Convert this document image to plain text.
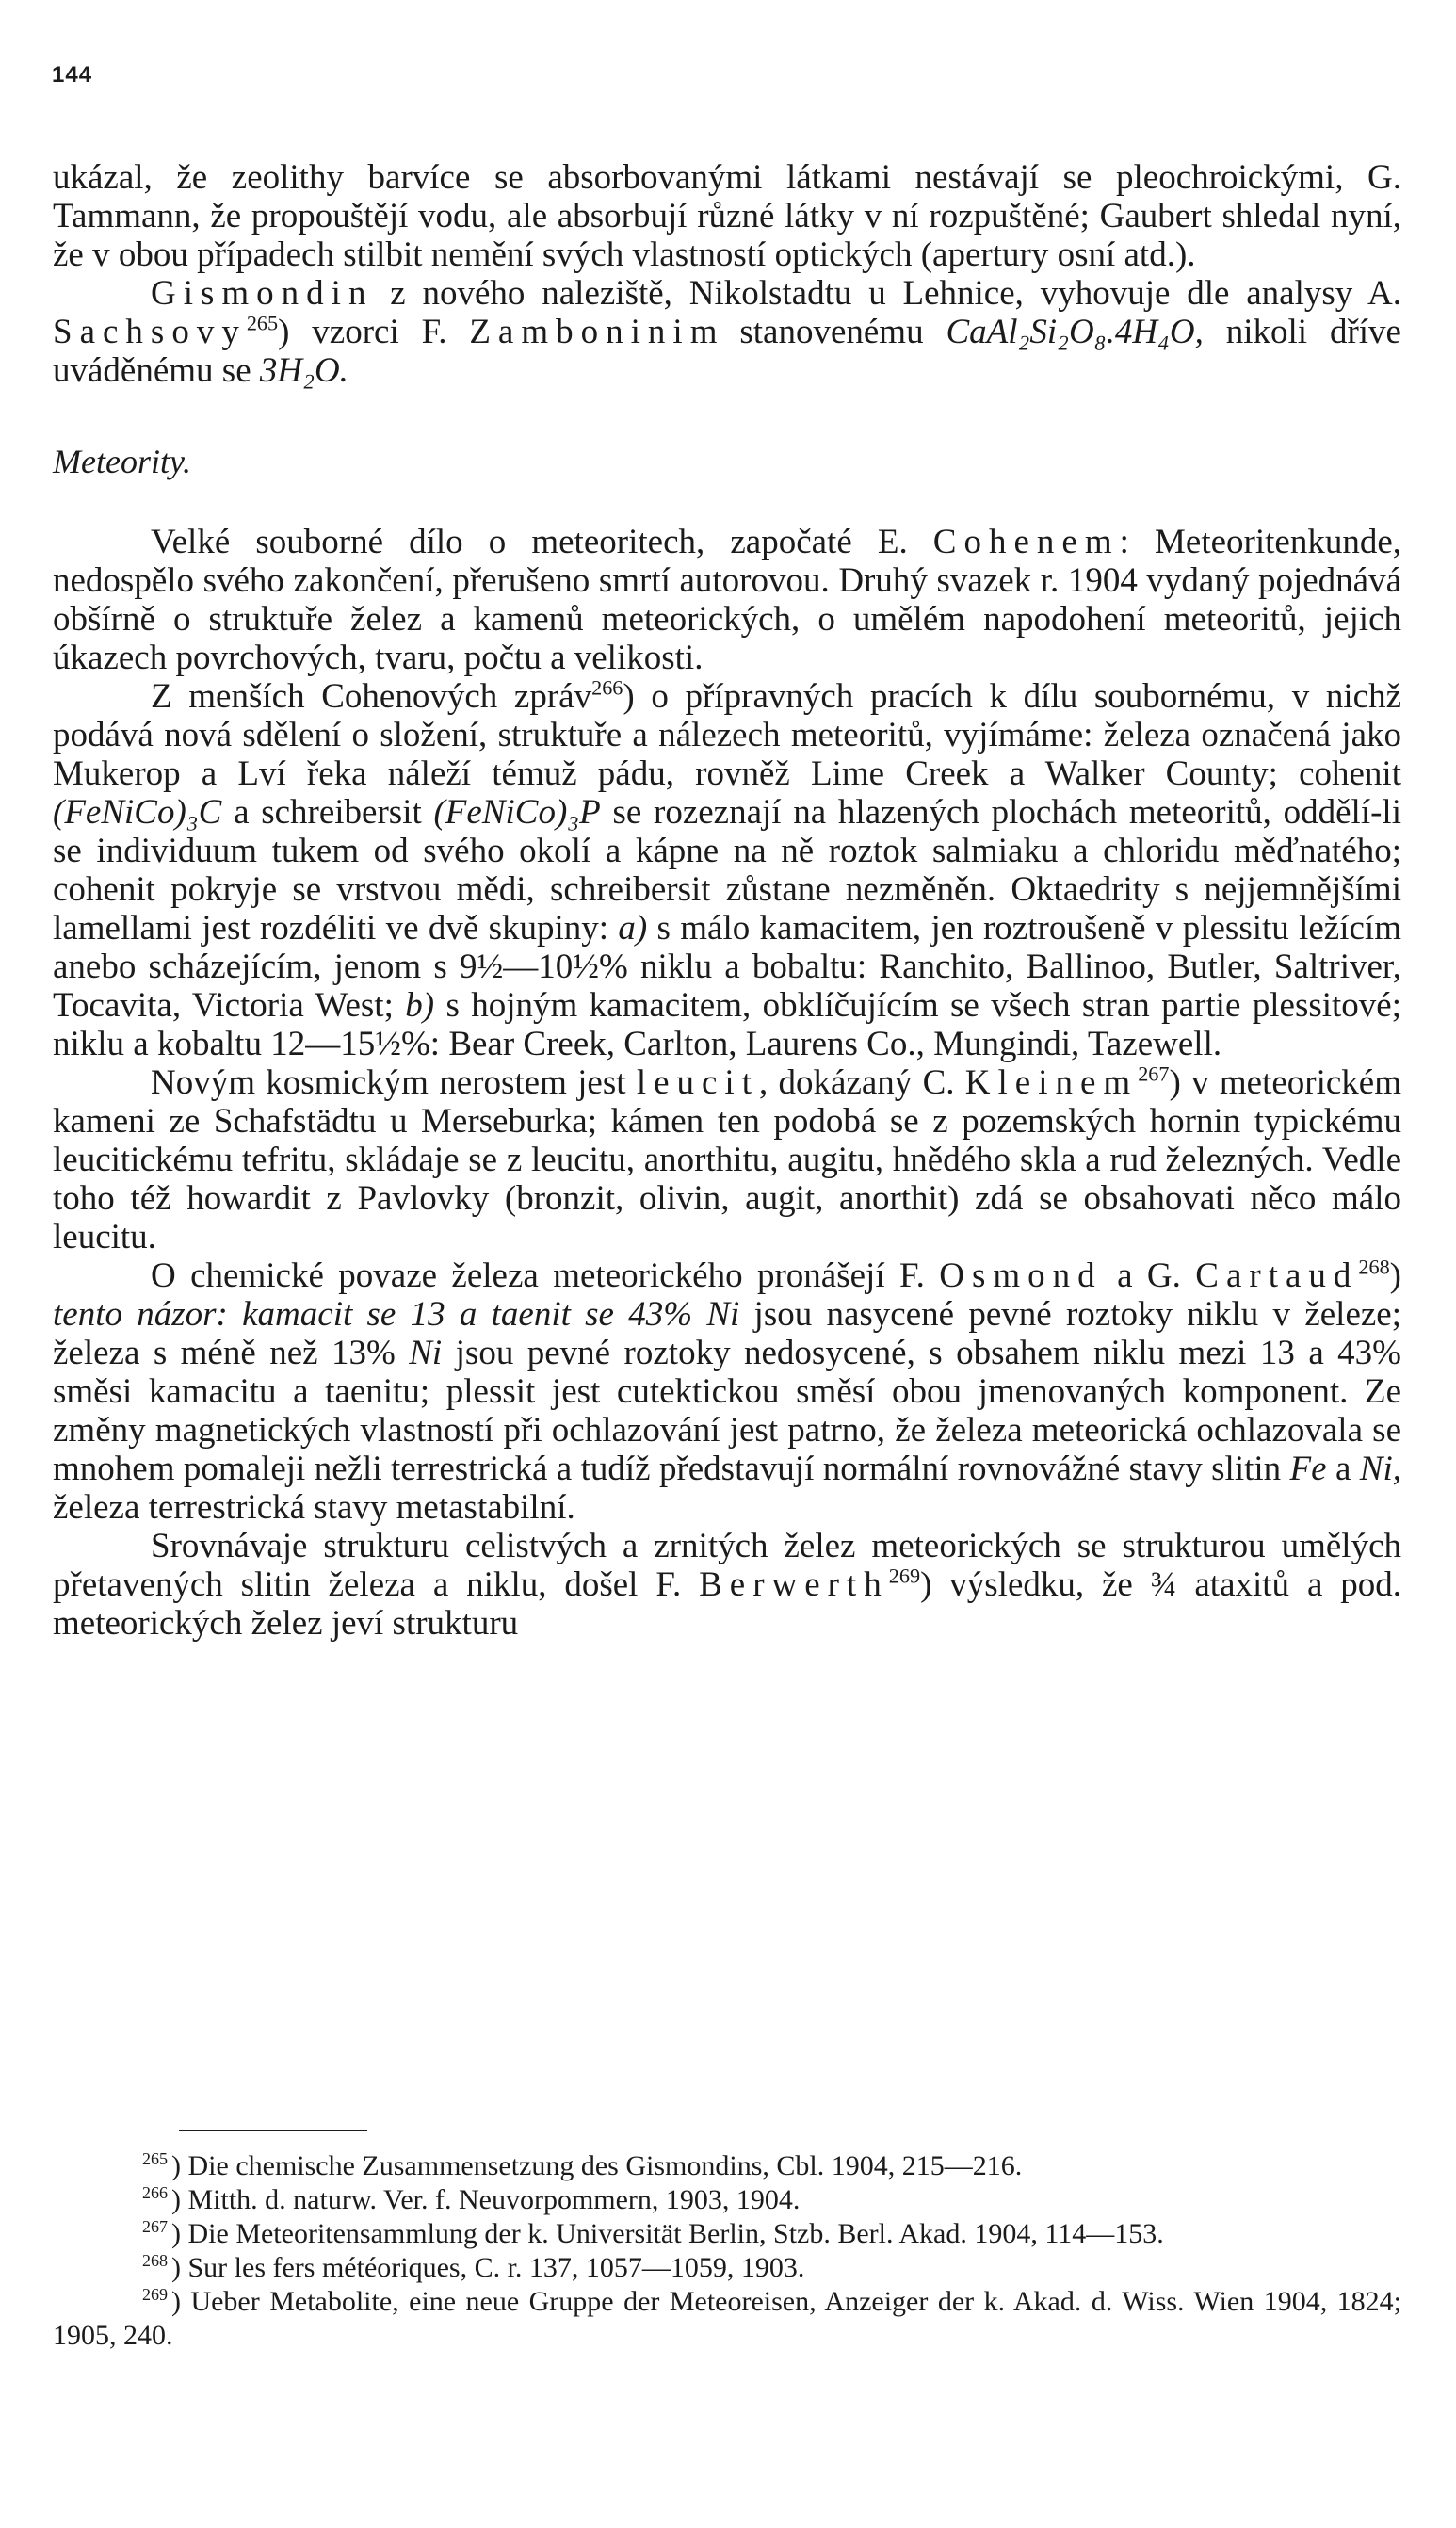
144

ukázal, že zeolithy barvíce se absorbovanými látkami nestávají se pleochroickými, G. Tammann, že propouštějí vodu, ale absorbují různé látky v ní rozpuštěné; Gaubert shledal nyní, že v obou případech stilbit nemění svých vlastností optických (apertury osní atd.).

Gismondin z nového naleziště, Nikolstadtu u Lehnice, vyhovuje dle analysy A. Sachsovy$^{265}$) vzorci F. Zamboninim stanovenému CaAl₂Si₂O₈.4H₄O, nikoli dříve uváděnému se 3H₂O.

Meteority.

Velké souborné dílo o meteoritech, započaté E. Cohenem: Meteoritenkunde, nedospělo svého zakončení, přerušeno smrtí autorovou. Druhý svazek r. 1904 vydaný pojednává obšírně o struktuře želez a kamenů meteorických, o umělém napodohení meteoritů, jejich úkazech povrchových, tvaru, počtu a velikosti.

Z menších Cohenových zpráv$^{266}$) o přípravných pracích k dílu soubornému, v nichž podává nová sdělení o složení, struktuře a nálezech meteoritů, vyjímáme: železa označená jako Mukerop a Lví řeka náleží témuž pádu, rovněž Lime Creek a Walker County; cohenit (FeNiCo)₃C a schreibersit (FeNiCo)₃P se rozeznají na hlazených plochách meteoritů, oddělí-li se individuum tukem od svého okolí a kápne na ně roztok salmiaku a chloridu měďnatého; cohenit pokryje se vrstvou mědi, schreibersit zůstane nezměněn. Oktaedrity s nejjemnějšími lamellami jest rozdéliti ve dvě skupiny: a) s málo kamacitem, jen roztroušeně v plessitu ležícím anebo scházejícím, jenom s 9½—10½% niklu a bobaltu: Ranchito, Ballinoo, Butler, Saltriver, Tocavita, Victoria West; b) s hojným kamacitem, obklíčujícím se všech stran partie plessitové; niklu a kobaltu 12—15½%: Bear Creek, Carlton, Laurens Co., Mungindi, Tazewell.

Novým kosmickým nerostem jest leucit, dokázaný C. Kleinem$^{267}$) v meteorickém kameni ze Schafstädtu u Merseburka; kámen ten podobá se z pozemských hornin typickému leucitickému tefritu, skládaje se z leucitu, anorthitu, augitu, hnědého skla a rud železných. Vedle toho též howardit z Pavlovky (bronzit, olivin, augit, anorthit) zdá se obsahovati něco málo leucitu.

O chemické povaze železa meteorického pronášejí F. Osmond a G. Cartaud$^{268}$) tento názor: kamacit se 13 a taenit se 43% Ni jsou nasycené pevné roztoky niklu v železe; železa s méně než 13% Ni jsou pevné roztoky nedosycené, s obsahem niklu mezi 13 a 43% směsi kamacitu a taenitu; plessit jest cutektickou směsí obou jmenovaných komponent. Ze změny magnetických vlastností při ochlazování jest patrno, že železa meteorická ochlazovala se mnohem pomaleji nežli terrestrická a tudíž představují normální rovnovážné stavy slitin Fe a Ni, železa terrestrická stavy metastabilní.

Srovnávaje strukturu celistvých a zrnitých želez meteorických se strukturou umělých přetavených slitin železa a niklu, došel F. Berwerth$^{269}$) výsledku, že ¾ ataxitů a pod. meteorických želez jeví strukturu

$^{265}$ ) Die chemische Zusammensetzung des Gismondins, Cbl. 1904, 215—216.

$^{266}$ ) Mitth. d. naturw. Ver. f. Neuvorpommern, 1903, 1904.

$^{267}$ ) Die Meteoritensammlung der k. Universität Berlin, Stzb. Berl. Akad. 1904, 114—153.

$^{268}$ ) Sur les fers météoriques, C. r. 137, 1057—1059, 1903.

$^{269}$ ) Ueber Metabolite, eine neue Gruppe der Meteoreisen, Anzeiger der k. Akad. d. Wiss. Wien 1904, 1824; 1905, 240.
